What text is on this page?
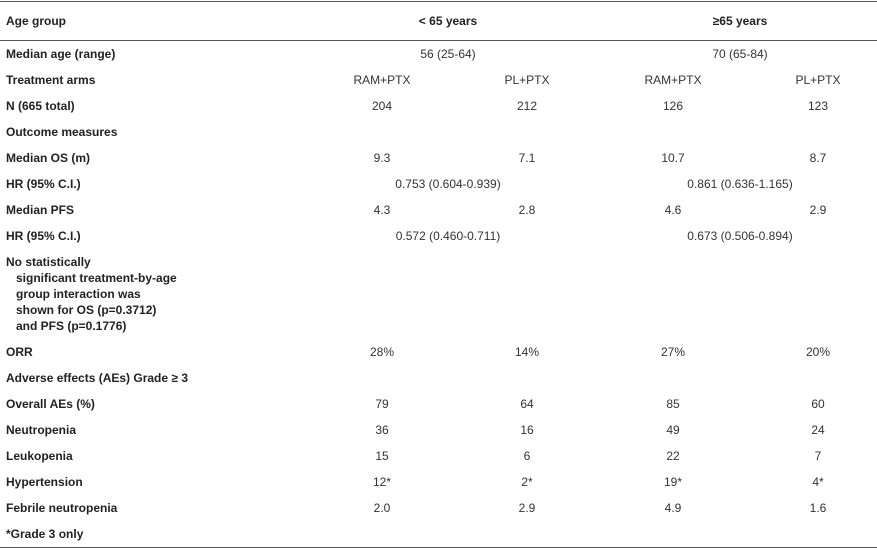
Age group	< 65 years	≥65 years
Median age (range)	56 (25-64)	70 (65-84)
Treatment arms	RAM+PTX	PL+PTX	RAM+PTX	PL+PTX
N (665 total)	204	212	126	123
Outcome measures
Median OS (m)	9.3	7.1	10.7	8.7
HR (95% C.I.)	0.753 (0.604-0.939)	0.861 (0.636-1.165)
Median PFS	4.3	2.8	4.6	2.9
HR (95% C.I.)	0.572 (0.460-0.711)	0.673 (0.506-0.894)
No statistically
significant treatment-by-age
group interaction was
shown for OS (p=0.3712)
and PFS (p=0.1776)
ORR	28%	14%	27%	20%
Adverse effects (AEs) Grade ≥ 3
Overall AEs (%)	79	64	85	60
Neutropenia	36	16	49	24
Leukopenia	15	6	22	7
Hypertension	12*	2*	19*	4*
Febrile neutropenia	2.0	2.9	4.9	1.6
*Grade 3 only
